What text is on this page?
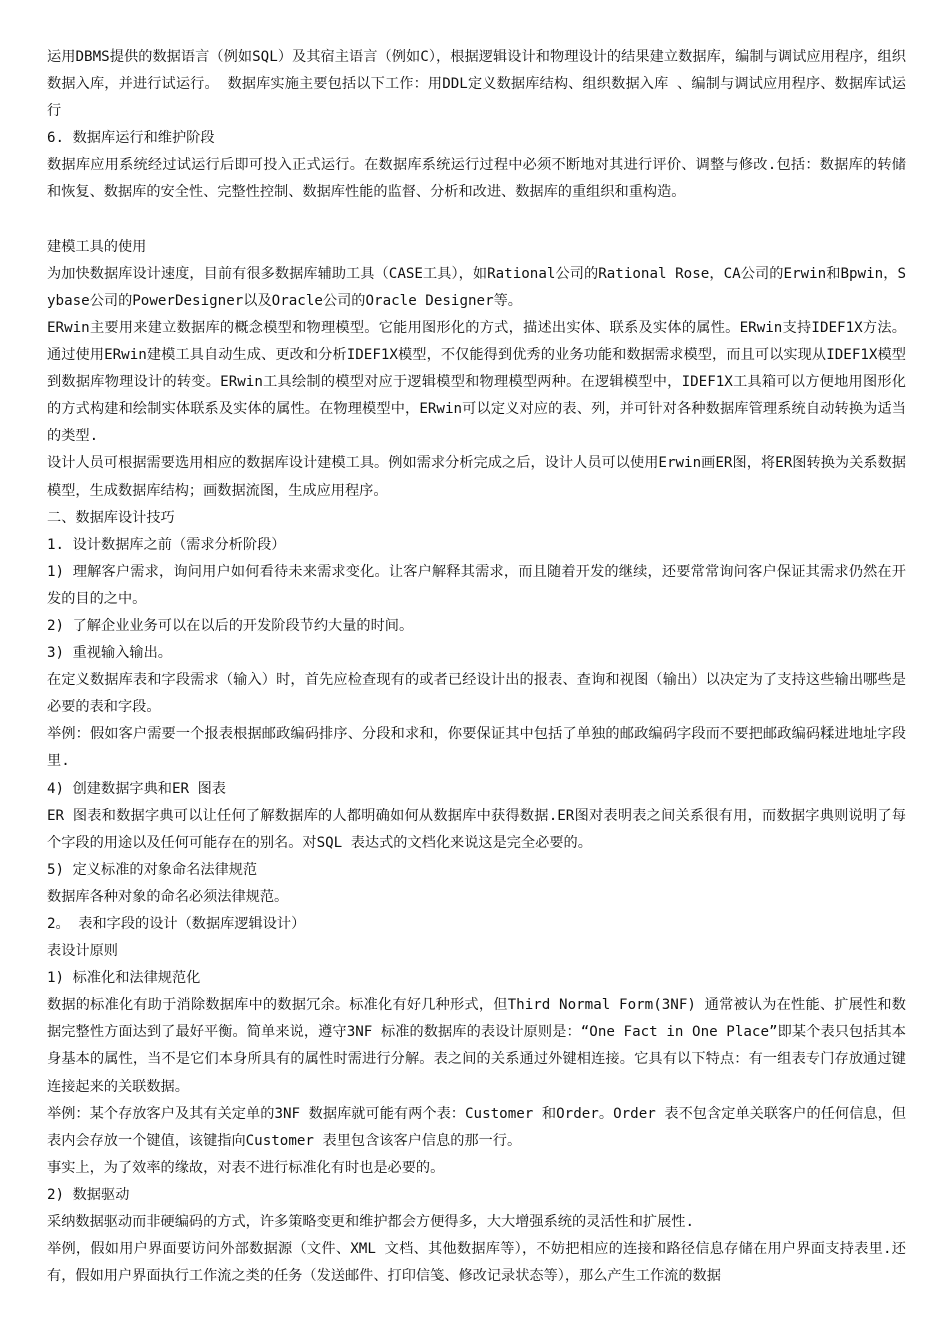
运用DBMS提供的数据语言（例如SQL）及其宿主语言（例如C），根据逻辑设计和物理设计的结果建立数据库，编制与调试应用程序，组织数据入库，并进行试运行。 数据库实施主要包括以下工作：用DDL定义数据库结构、组织数据入库 、编制与调试应用程序、数据库试运行

6. 数据库运行和维护阶段

数据库应用系统经过试运行后即可投入正式运行。在数据库系统运行过程中必须不断地对其进行评价、调整与修改.包括：数据库的转储和恢复、数据库的安全性、完整性控制、数据库性能的监督、分析和改进、数据库的重组织和重构造。

建模工具的使用

为加快数据库设计速度，目前有很多数据库辅助工具（CASE工具），如Rational公司的Rational Rose，CA公司的Erwin和Bpwin，Sybase公司的PowerDesigner以及Oracle公司的Oracle Designer等。

ERwin主要用来建立数据库的概念模型和物理模型。它能用图形化的方式，描述出实体、联系及实体的属性。ERwin支持IDEF1X方法。通过使用ERwin建模工具自动生成、更改和分析IDEF1X模型，不仅能得到优秀的业务功能和数据需求模型，而且可以实现从IDEF1X模型到数据库物理设计的转变。ERwin工具绘制的模型对应于逻辑模型和物理模型两种。在逻辑模型中，IDEF1X工具箱可以方便地用图形化的方式构建和绘制实体联系及实体的属性。在物理模型中，ERwin可以定义对应的表、列，并可针对各种数据库管理系统自动转换为适当的类型.

设计人员可根据需要选用相应的数据库设计建模工具。例如需求分析完成之后，设计人员可以使用Erwin画ER图，将ER图转换为关系数据模型，生成数据库结构；画数据流图，生成应用程序。

二、数据库设计技巧

1. 设计数据库之前（需求分析阶段）

1) 理解客户需求，询问用户如何看待未来需求变化。让客户解释其需求，而且随着开发的继续，还要常常询问客户保证其需求仍然在开发的目的之中。

2) 了解企业业务可以在以后的开发阶段节约大量的时间。

3) 重视输入输出。

在定义数据库表和字段需求（输入）时，首先应检查现有的或者已经设计出的报表、查询和视图（输出）以决定为了支持这些输出哪些是必要的表和字段。

举例：假如客户需要一个报表根据邮政编码排序、分段和求和，你要保证其中包括了单独的邮政编码字段而不要把邮政编码糅进地址字段里.

4) 创建数据字典和ER 图表

ER 图表和数据字典可以让任何了解数据库的人都明确如何从数据库中获得数据.ER图对表明表之间关系很有用，而数据字典则说明了每个字段的用途以及任何可能存在的别名。对SQL 表达式的文档化来说这是完全必要的。

5) 定义标准的对象命名法律规范

数据库各种对象的命名必须法律规范。

2。 表和字段的设计（数据库逻辑设计）

表设计原则

1) 标准化和法律规范化

数据的标准化有助于消除数据库中的数据冗余。标准化有好几种形式，但Third Normal Form(3NF) 通常被认为在性能、扩展性和数据完整性方面达到了最好平衡。简单来说，遵守3NF 标准的数据库的表设计原则是：“One Fact in One Place”即某个表只包括其本身基本的属性，当不是它们本身所具有的属性时需进行分解。表之间的关系通过外键相连接。它具有以下特点：有一组表专门存放通过键连接起来的关联数据。

举例：某个存放客户及其有关定单的3NF 数据库就可能有两个表：Customer 和Order。Order 表不包含定单关联客户的任何信息，但表内会存放一个键值，该键指向Customer 表里包含该客户信息的那一行。

事实上，为了效率的缘故，对表不进行标准化有时也是必要的。

2) 数据驱动

采纳数据驱动而非硬编码的方式，许多策略变更和维护都会方便得多，大大增强系统的灵活性和扩展性.

举例，假如用户界面要访问外部数据源（文件、XML 文档、其他数据库等），不妨把相应的连接和路径信息存储在用户界面支持表里.还有，假如用户界面执行工作流之类的任务（发送邮件、打印信笺、修改记录状态等），那么产生工作流的数据
